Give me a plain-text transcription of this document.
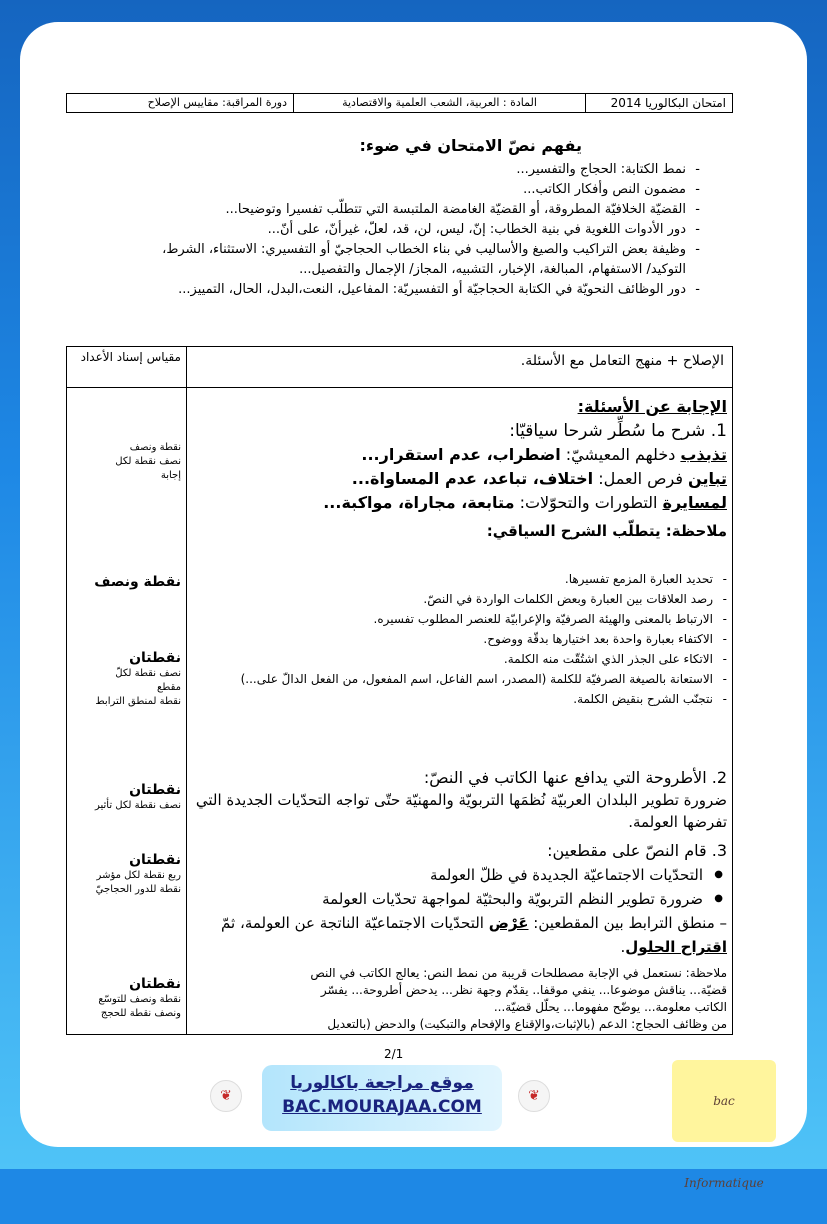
امتحان البكالوريا 2014
المادة : العربية، الشعب العلمية والاقتصادية
دورة المراقبة: مقاييس الإصلاح
يفهم نصّ الامتحان في ضوء:
- نمط الكتابة: الحجاج والتفسير...
- مضمون النص وأفكار الكاتب...
- القضيّة الخلافيّة المطروقة، أو القضيّة الغامضة الملتبسة التي تتطلّب تفسيرا وتوضيحا...
- دور الأدوات اللغوية في بنية الخطاب: إنّ، ليس، لن، قد، لعلّ، غيرأنّ، على أنّ...
- وظيفة بعض التراكيب والصيغ والأساليب في بناء الخطاب الحجاجيّ أو التفسيري: الاستثناء، الشرط، التوكيد/ الاستفهام، المبالغة، الإخبار، التشبيه، المجاز/ الإجمال والتفصيل...
- دور الوظائف النحويّة في الكتابة الحجاجيّة أو التفسيريّة: المفاعيل، النعت،البدل، الحال، التمييز...
مقياس إسناد الأعداد	الإصلاح + منهج التعامل مع الأسئلة.
نقطة ونصف
نصف نقطة لكل
إجابة
نقطة ونصف
نقطتان
نصف نقطة لكلّ
مقطع
نقطة لمنطق الترابط
نقطتان
نصف نقطة لكل تأثير
نقطتان
ربع نقطة لكل مؤشر
نقطة للدور الحجاجيّ
نقطتان
نقطة ونصف للتوسّع
ونصف نقطة للحجج
الإجابة عن الأسئلة:
1. شرح ما سُطِّر شرحا سياقيّا:
تذبذب دخلهم المعيشيّ: اضطراب، عدم استقرار...
تباين فرص العمل: اختلاف، تباعد، عدم المساواة...
لمسايرة التطورات والتحوّلات: متابعة، مجاراة، مواكبة...
ملاحظة: يتطلّب الشرح السياقي:
- تحديد العبارة المزمع تفسيرها.
- رصد العلاقات بين العبارة وبعض الكلمات الواردة في النصّ.
- الارتباط بالمعنى والهيئة الصرفيّة والإعرابيّة للعنصر المطلوب تفسيره.
- الاكتفاء بعبارة واحدة بعد اختيارها بدقّة ووضوح.
- الاتكاء على الجذر الذي اشتُقّت منه الكلمة.
- الاستعانة بالصيغة الصرفيّة للكلمة (المصدر، اسم الفاعل، اسم المفعول، من الفعل الدالّ على...)
- نتجنّب الشرح بنقيض الكلمة.
2. الأطروحة التي يدافع عنها الكاتب في النصّ:
ضرورة تطوير البلدان العربيّة نُظمَها التربويّة والمهنيّة حتّى تواجه التحدّيات الجديدة التي تفرضها العولمة.
3. قام النصّ على مقطعين:
● التحدّيات الاجتماعيّة الجديدة في ظلّ العولمة
● ضرورة تطوير النظم التربويّة والبحثيّة لمواجهة تحدّيات العولمة
– منطق الترابط بين المقطعين: عَرْض التحدّيات الاجتماعيّة الناتجة عن العولمة، ثمّ اقتراح الحلول.
ملاحظة: نستعمل في الإجابة مصطلحات قريبة من نمط النص: يعالج الكاتب في النص
قضيّة... يناقش موضوعا... ينفي موقفا.. يقدّم وجهة نظر... يدحض أطروحة... يفسّر
الكاتب معلومة... يوضّح مفهوما... يحلّل قضيّة...
من وظائف الحجاج: الدعم (بالإثبات،والإقناع والإفحام والتبكيت) والدحض (بالتعديل
2/1
❦
موقع مراجعة باكالوريا
BAC.MOURAJAA.COM
❦	bac Informatique
